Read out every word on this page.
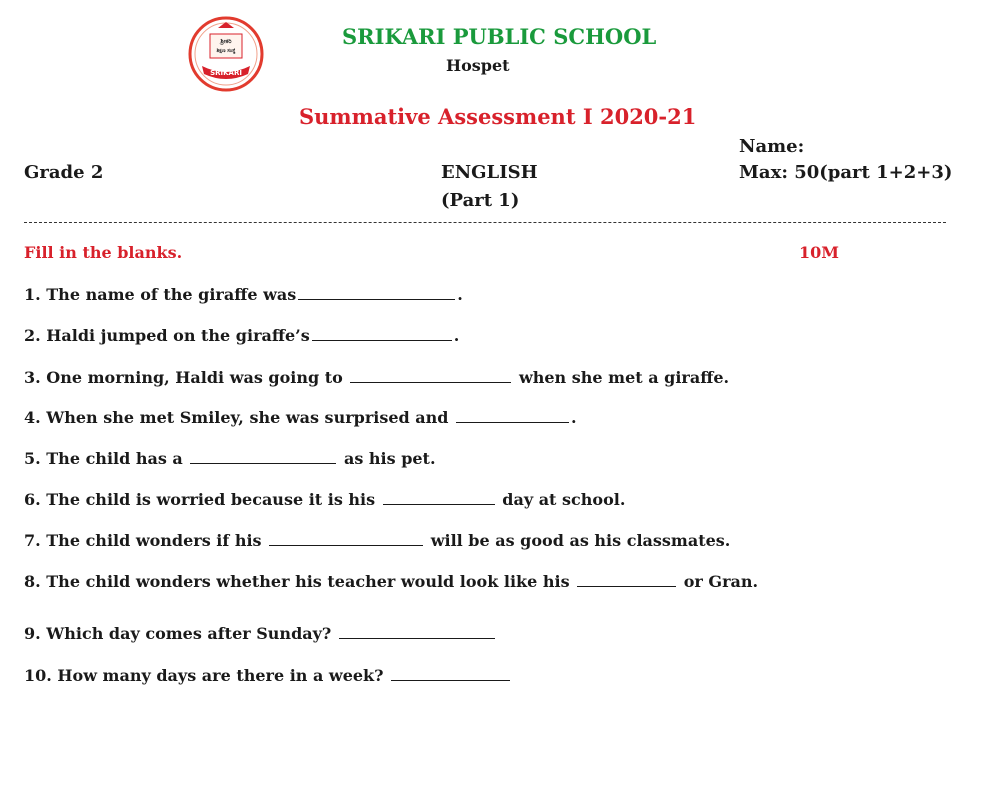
ಶ್ರೀಕರಿ
ಶಿಕ್ಷಣ ಸಂಸ್ಥೆ
SRIKARI
SRIKARI PUBLIC SCHOOL
Hospet
Summative Assessment I 2020-21
Name:
Grade 2	ENGLISH	Max: 50(part 1+2+3)
(Part 1)
Fill in the blanks.	10M
1. The name of the giraffe was	.
2. Haldi jumped on the giraffe’s	.
3. One morning, Haldi was going to	when she met a giraffe.
4. When she met Smiley, she was surprised and	.
5. The child has a	as his pet.
6. The child is worried because it is his	day at school.
7. The child wonders if his	will be as good as his classmates.
8. The child wonders whether his teacher would look like his	or Gran.
9. Which day comes after Sunday?
10. How many days are there in a week?
